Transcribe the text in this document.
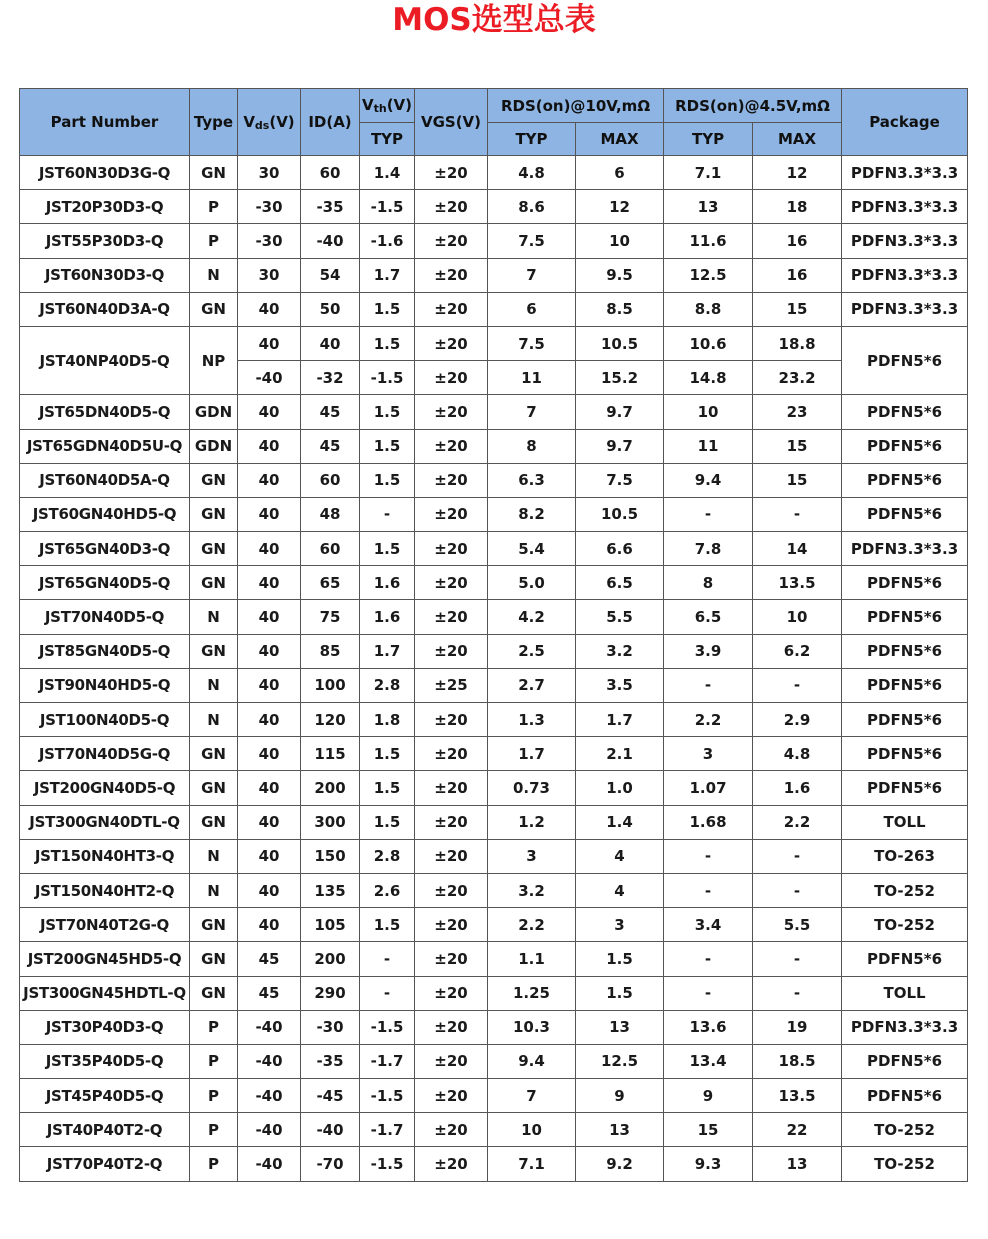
MOS选型总表
Part Number	Type	$V_{ds}(V)$	ID(A)	$V_{th}(V)$	VGS(V)	RDS(on)@10V,mΩ		RDS(on)@4.5V,mΩ		Package
				TYP		TYP	MAX	TYP	MAX	
JST60N30D3G-Q	GN	30	60	1.4	±20	4.8	6	7.1	12	PDFN3.3*3.3
JST20P30D3-Q	P	-30	-35	-1.5	±20	8.6	12	13	18	PDFN3.3*3.3
JST55P30D3-Q	P	-30	-40	-1.6	±20	7.5	10	11.6	16	PDFN3.3*3.3
JST60N30D3-Q	N	30	54	1.7	±20	7	9.5	12.5	16	PDFN3.3*3.3
JST60N40D3A-Q	GN	40	50	1.5	±20	6	8.5	8.8	15	PDFN3.3*3.3
JST40NP40D5-Q	NP	40	40	1.5	±20	7.5	10.5	10.6	18.8	PDFN5*6
		-40	-32	-1.5	±20	11	15.2	14.8	23.2	
JST65DN40D5-Q	GDN	40	45	1.5	±20	7	9.7	10	23	PDFN5*6
JST65GDN40D5U-Q	GDN	40	45	1.5	±20	8	9.7	11	15	PDFN5*6
JST60N40D5A-Q	GN	40	60	1.5	±20	6.3	7.5	9.4	15	PDFN5*6
JST60GN40HD5-Q	GN	40	48	-	±20	8.2	10.5	-	-	PDFN5*6
JST65GN40D3-Q	GN	40	60	1.5	±20	5.4	6.6	7.8	14	PDFN3.3*3.3
JST65GN40D5-Q	GN	40	65	1.6	±20	5.0	6.5	8	13.5	PDFN5*6
JST70N40D5-Q	N	40	75	1.6	±20	4.2	5.5	6.5	10	PDFN5*6
JST85GN40D5-Q	GN	40	85	1.7	±20	2.5	3.2	3.9	6.2	PDFN5*6
JST90N40HD5-Q	N	40	100	2.8	±25	2.7	3.5	-	-	PDFN5*6
JST100N40D5-Q	N	40	120	1.8	±20	1.3	1.7	2.2	2.9	PDFN5*6
JST70N40D5G-Q	GN	40	115	1.5	±20	1.7	2.1	3	4.8	PDFN5*6
JST200GN40D5-Q	GN	40	200	1.5	±20	0.73	1.0	1.07	1.6	PDFN5*6
JST300GN40DTL-Q	GN	40	300	1.5	±20	1.2	1.4	1.68	2.2	TOLL
JST150N40HT3-Q	N	40	150	2.8	±20	3	4	-	-	TO-263
JST150N40HT2-Q	N	40	135	2.6	±20	3.2	4	-	-	TO-252
JST70N40T2G-Q	GN	40	105	1.5	±20	2.2	3	3.4	5.5	TO-252
JST200GN45HD5-Q	GN	45	200	-	±20	1.1	1.5	-	-	PDFN5*6
JST300GN45HDTL-Q	GN	45	290	-	±20	1.25	1.5	-	-	TOLL
JST30P40D3-Q	P	-40	-30	-1.5	±20	10.3	13	13.6	19	PDFN3.3*3.3
JST35P40D5-Q	P	-40	-35	-1.7	±20	9.4	12.5	13.4	18.5	PDFN5*6
JST45P40D5-Q	P	-40	-45	-1.5	±20	7	9	9	13.5	PDFN5*6
JST40P40T2-Q	P	-40	-40	-1.7	±20	10	13	15	22	TO-252
JST70P40T2-Q	P	-40	-70	-1.5	±20	7.1	9.2	9.3	13	TO-252
